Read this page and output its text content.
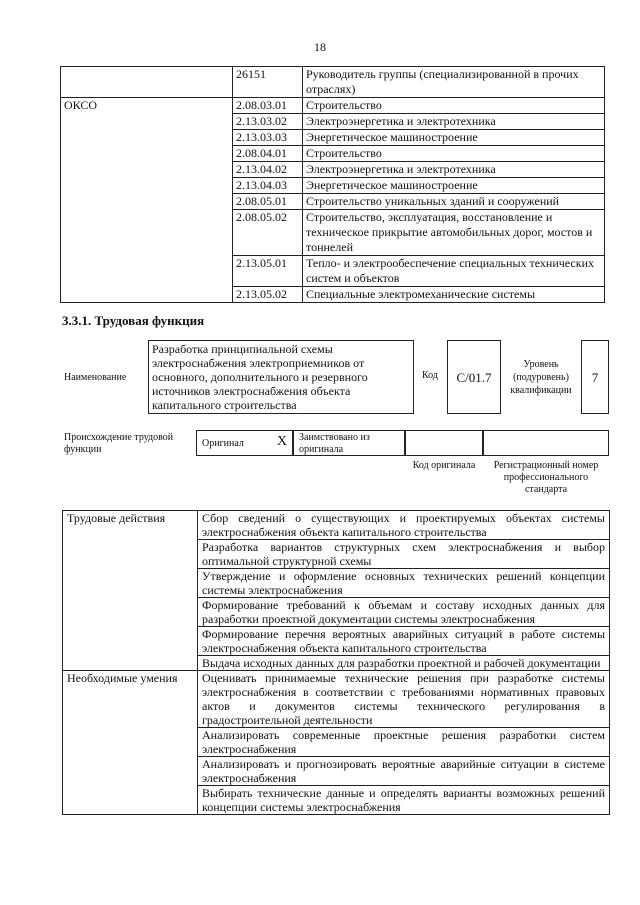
18
	26151	Руководитель группы (специализированной в прочих отраслях)
ОКСО	2.08.03.01	Строительство
	2.13.03.02	Электроэнергетика и электротехника
	2.13.03.03	Энергетическое машиностроение
	2.08.04.01	Строительство
	2.13.04.02	Электроэнергетика и электротехника
	2.13.04.03	Энергетическое машиностроение
	2.08.05.01	Строительство уникальных зданий и сооружений
	2.08.05.02	Строительство, эксплуатация, восстановление и техническое прикрытие автомобильных дорог, мостов и тоннелей
	2.13.05.01	Тепло- и электрообеспечение специальных технических систем и объектов
	2.13.05.02	Специальные электромеханические системы
3.3.1. Трудовая функция
Наименование
Разработка принципиальной схемы электроснабжения электроприемников от основного, дополнительного и резервного источников электроснабжения объекта капитального строительства
Код	С/01.7
Уровень (подуровень) квалификации
7
Происхождение трудовой функции
Оригинал X Заимствовано из оригинала
Код оригинала	Регистрационный номер профессионального стандарта
Трудовые действия	Сбор сведений о существующих и проектируемых объектах системы электроснабжения объекта капитального строительства
	Разработка вариантов структурных схем электроснабжения и выбор оптимальной структурной схемы
	Утверждение и оформление основных технических решений концепции системы электроснабжения
	Формирование требований к объемам и составу исходных данных для разработки проектной документации системы электроснабжения
	Формирование перечня вероятных аварийных ситуаций в работе системы электроснабжения объекта капитального строительства
	Выдача исходных данных для разработки проектной и рабочей документации
Необходимые умения	Оценивать принимаемые технические решения при разработке системы электроснабжения в соответствии с требованиями нормативных правовых актов и документов системы технического регулирования в градостроительной деятельности
	Анализировать современные проектные решения разработки систем электроснабжения
	Анализировать и прогнозировать вероятные аварийные ситуации в системе электроснабжения
	Выбирать технические данные и определять варианты возможных решений концепции системы электроснабжения
